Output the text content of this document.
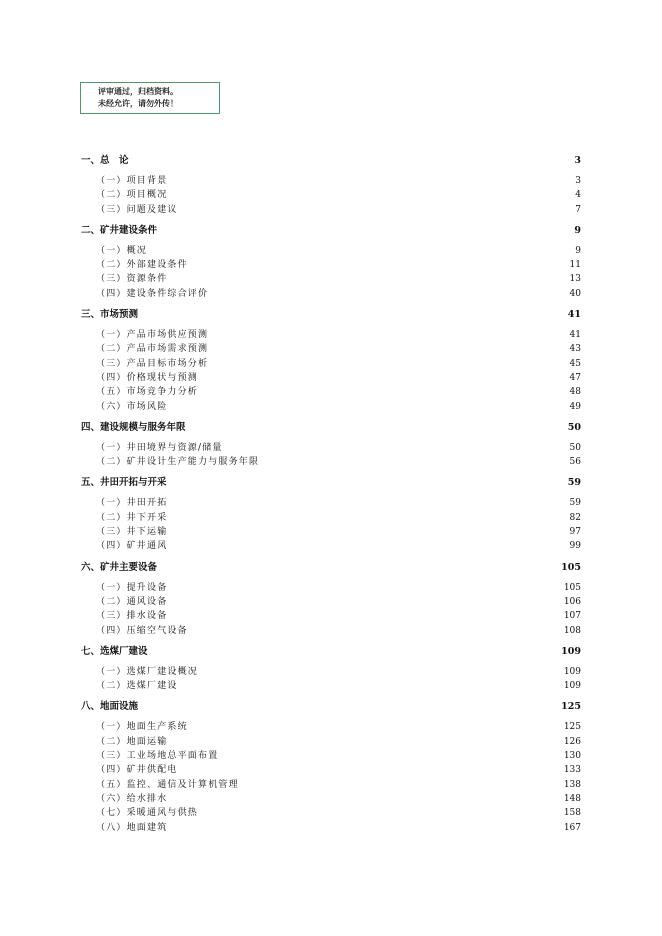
评审通过，归档资料。
未经允许，请勿外传！
一、总　论	3
（一）项目背景	3
（二）项目概况	4
（三）问题及建议	7
二、矿井建设条件	9
（一）概况	9
（二）外部建设条件	11
（三）资源条件	13
（四）建设条件综合评价	40
三、市场预测	41
（一）产品市场供应预测	41
（二）产品市场需求预测	43
（三）产品目标市场分析	45
（四）价格现状与预测	47
（五）市场竞争力分析	48
（六）市场风险	49
四、建设规模与服务年限	50
（一）井田境界与资源/储量	50
（二）矿井设计生产能力与服务年限	56
五、井田开拓与开采	59
（一）井田开拓	59
（二）井下开采	82
（三）井下运输	97
（四）矿井通风	99
六、矿井主要设备	105
（一）提升设备	105
（二）通风设备	106
（三）排水设备	107
（四）压缩空气设备	108
七、选煤厂建设	109
（一）选煤厂建设概况	109
（二）选煤厂建设	109
八、地面设施	125
（一）地面生产系统	125
（二）地面运输	126
（三）工业场地总平面布置	130
（四）矿井供配电	133
（五）监控、通信及计算机管理	138
（六）给水排水	148
（七）采暖通风与供热	158
（八）地面建筑	167
